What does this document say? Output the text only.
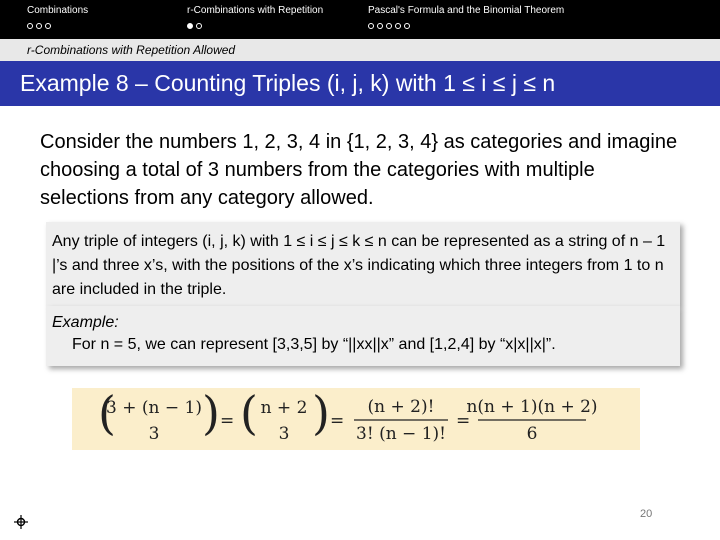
Combinations	r-Combinations with Repetition	Pascal's Formula and the Binomial Theorem
r-Combinations with Repetition Allowed
Example 8 – Counting Triples (i, j, k) with 1 ≤ i ≤ j ≤ n
Consider the numbers 1, 2, 3, 4 in {1, 2, 3, 4} as categories and imagine choosing a total of 3 numbers from the categories with multiple selections from any category allowed.

Any triple of integers (i, j, k) with 1 ≤ i ≤ j ≤ k ≤ n can be represented as a string of n – 1 |’s and three x’s, with the positions of the x’s indicating which three integers from 1 to n are included in the triple.

Example:
For n = 5, we can represent [3,3,5] by “||xx||x” and [1,2,4] by “x|x||x|”.
(
3 + (n − 1)
3 ) = ( n + 2
3 ) =
(n + 2)!
3! (n − 1)!
=
n(n + 1)(n + 2)
6
20
